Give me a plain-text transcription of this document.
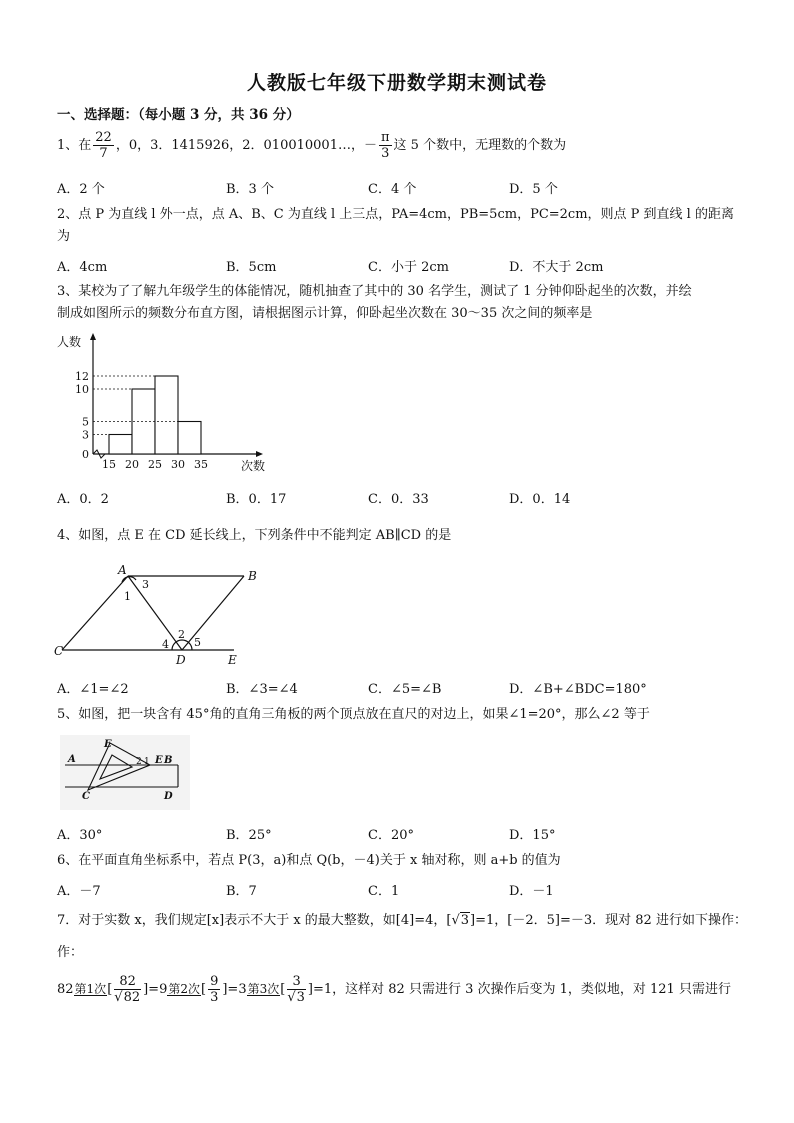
人教版七年级下册数学期末测试卷
一、选择题：（每小题 3 分，共 36 分）
1、在 $\frac{22}{7}$ ，0，3．1415926，2．010010001…，－ $\frac{\pi}{3}$ 这 5 个数中，无理数的个数为
A．2 个	B．3 个	C．4 个	D．5 个
2、点 P 为直线 l 外一点，点 A、B、C 为直线 l 上三点，PA=4cm，PB=5cm，PC=2cm，则点 P 到直线 l 的距离
为
A．4cm	B．5cm	C．小于 2cm	D．不大于 2cm
3、某校为了了解九年级学生的体能情况，随机抽查了其中的 30 名学生，测试了 1 分钟仰卧起坐的次数，并绘
制成如图所示的频数分布直方图，请根据图示计算，仰卧起坐次数在 30～35 次之间的频率是
0
3
5
10
12
15 20 25 30 35
人数
次数
A．0．2	B．0．17	C．0．33	D．0．14
4、如图，点 E 在 CD 延长线上，下列条件中不能判定 AB∥CD 的是
A	B
C
D	E
1
3
2
4 5
A．∠1=∠2	B．∠3=∠4	C．∠5=∠B	D．∠B+∠BDC=180°
5、如图，把一块含有 45°角的直角三角板的两个顶点放在直尺的对边上，如果∠1=20°，那么∠2 等于
A
E
E B
C	D
2 1
A．30°	B．25°	C．20°	D．15°
6、在平面直角坐标系中，若点 P(3，a)和点 Q(b，－4)关于 x 轴对称，则 a+b 的值为
A．－7	B．7	C．1	D．－1
7．对于实数 x，我们规定[x]表示不大于 x 的最大整数，如[4]=4，[√3]=1，[－2．5]=－3．现对 82 进行如下操作：
作：
82 第1次 [ $\frac{82}{√82} ]=9$ 第2次 [ $\frac{9}{3} ]=3$ 第3次 [ $\frac{3}{√3} ]=1$，这样对 82 只需进行 3 次操作后变为 1，类似地，对 121 只需进行
